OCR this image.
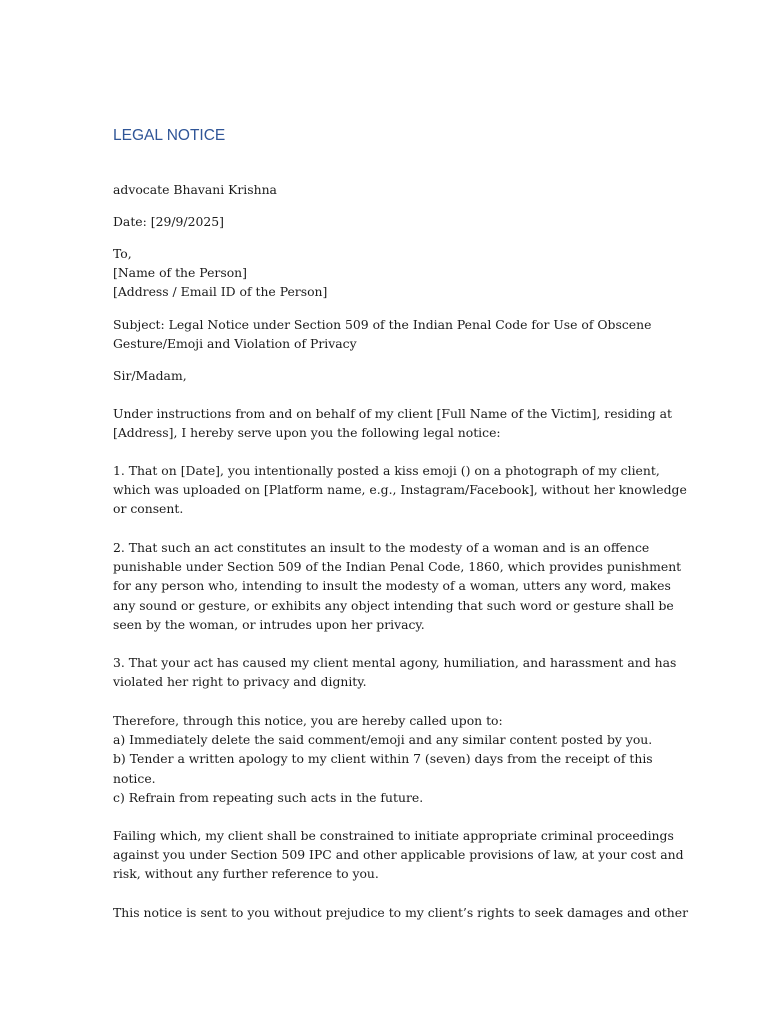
LEGAL NOTICE

advocate Bhavani Krishna

Date: [29/9/2025]

To,
[Name of the Person]
[Address / Email ID of the Person]
Subject: Legal Notice under Section 509 of the Indian Penal Code for Use of Obscene
Gesture/Emoji and Violation of Privacy

Sir/Madam,

Under instructions from and on behalf of my client [Full Name of the Victim], residing at
[Address], I hereby serve upon you the following legal notice:
1. That on [Date], you intentionally posted a kiss emoji () on a photograph of my client,
which was uploaded on [Platform name, e.g., Instagram/Facebook], without her knowledge
or consent.
2. That such an act constitutes an insult to the modesty of a woman and is an offence
punishable under Section 509 of the Indian Penal Code, 1860, which provides punishment
for any person who, intending to insult the modesty of a woman, utters any word, makes
any sound or gesture, or exhibits any object intending that such word or gesture shall be
seen by the woman, or intrudes upon her privacy.
3. That your act has caused my client mental agony, humiliation, and harassment and has
violated her right to privacy and dignity.
Therefore, through this notice, you are hereby called upon to:
a) Immediately delete the said comment/emoji and any similar content posted by you.
b) Tender a written apology to my client within 7 (seven) days from the receipt of this
notice.
c) Refrain from repeating such acts in the future.
Failing which, my client shall be constrained to initiate appropriate criminal proceedings
against you under Section 509 IPC and other applicable provisions of law, at your cost and
risk, without any further reference to you.
This notice is sent to you without prejudice to my client’s rights to seek damages and other
